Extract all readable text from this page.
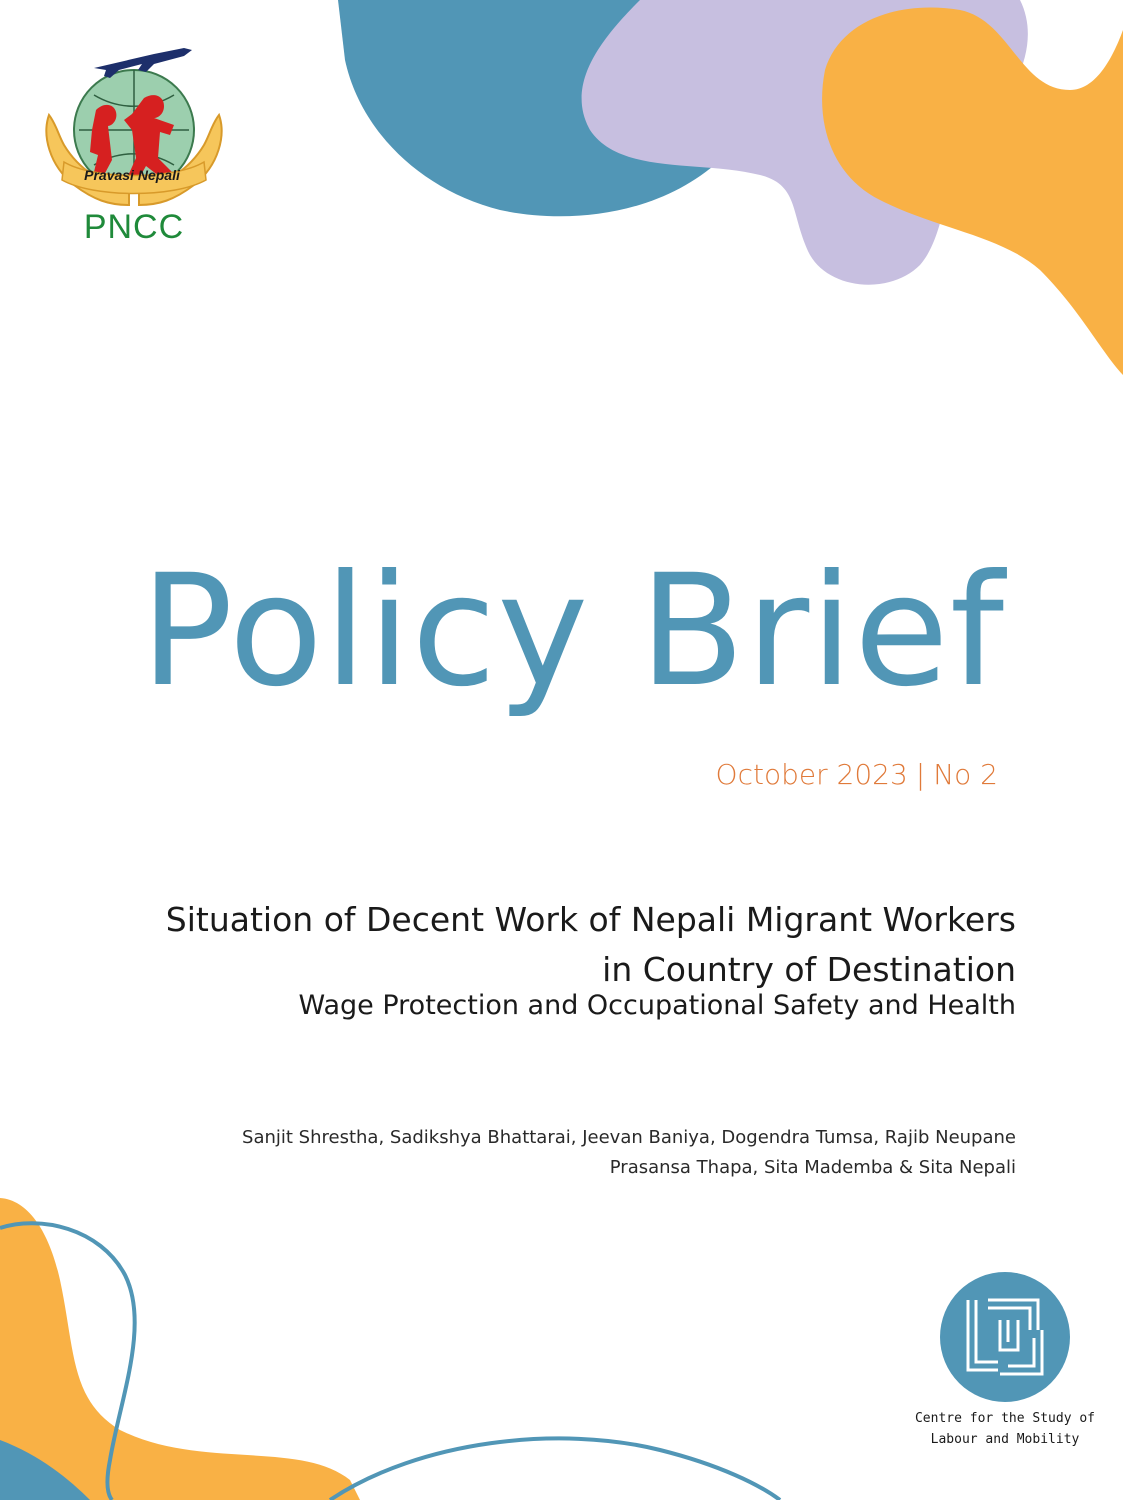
Pravasi Nepali
PNCC
Policy Brief
October 2023 | No 2
Situation of Decent Work of Nepali Migrant Workers
in Country of Destination
Wage Protection and Occupational Safety and Health
Sanjit Shrestha, Sadikshya Bhattarai, Jeevan Baniya, Dogendra Tumsa, Rajib Neupane
Prasansa Thapa, Sita Mademba & Sita Nepali
Centre for the Study of
Labour and Mobility
